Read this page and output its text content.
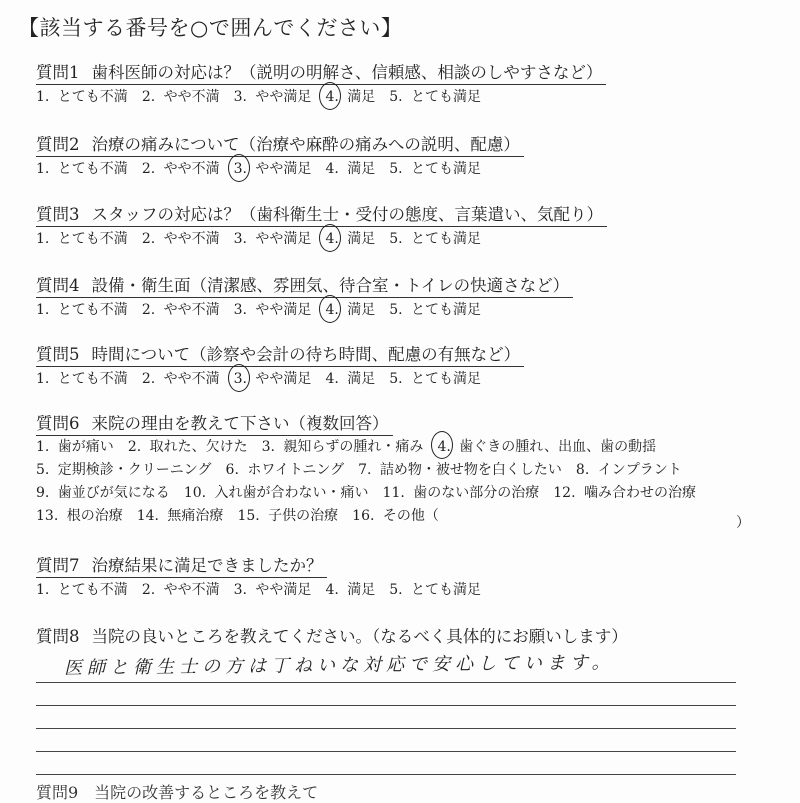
【該当する番号を○で囲んでください】
質問1 歯科医師の対応は？（説明の明解さ、信頼感、相談のしやすさなど）
1. とても不満 2. やや不満 3. やや満足 4. 満足 5. とても満足
質問2 治療の痛みについて（治療や麻酔の痛みへの説明、配慮）
1. とても不満 2. やや不満 3. やや満足 4. 満足 5. とても満足
質問3 スタッフの対応は？（歯科衛生士・受付の態度、言葉遣い、気配り）
1. とても不満 2. やや不満 3. やや満足 4. 満足 5. とても満足
質問4 設備・衛生面（清潔感、雰囲気、待合室・トイレの快適さなど）
1. とても不満 2. やや不満 3. やや満足 4. 満足 5. とても満足
質問5 時間について（診察や会計の待ち時間、配慮の有無など）
1. とても不満 2. やや不満 3. やや満足 4. 満足 5. とても満足
質問6 来院の理由を教えて下さい（複数回答）
1. 歯が痛い 2. 取れた、欠けた 3. 親知らずの腫れ・痛み 4. 歯ぐきの腫れ、出血、歯の動揺
5. 定期検診・クリーニング 6. ホワイトニング 7. 詰め物・被せ物を白くしたい 8. インプラント
9. 歯並びが気になる 10. 入れ歯が合わない・痛い 11. 歯のない部分の治療 12. 噛み合わせの治療
13. 根の治療 14. 無痛治療 15. 子供の治療 16. その他（	）
質問7 治療結果に満足できましたか？
1. とても不満 2. やや不満 3. やや満足 4. 満足 5. とても満足
質問8 当院の良いところを教えてください。（なるべく具体的にお願いします）
医師と衛生士の方は丁ねいな対応で安心しています。
質問9　当院の改善するところを教えて
